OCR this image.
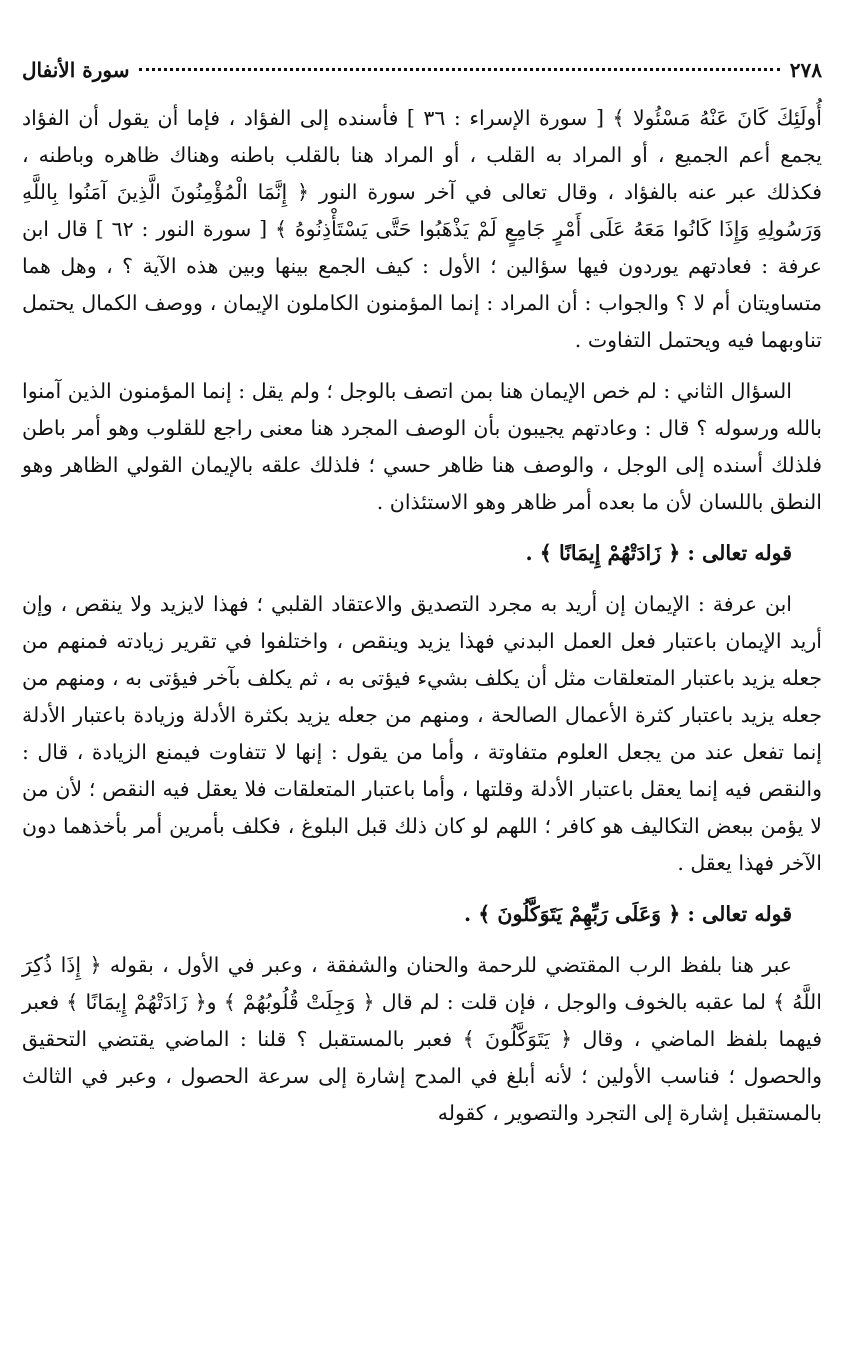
٢٧٨
سورة الأنفال

أُولَئِكَ كَانَ عَنْهُ مَسْئُولا ﴾ [ سورة الإسراء : ٣٦ ] فأسنده إلى الفؤاد ، فإما أن يقول أن الفؤاد يجمع أعم الجميع ، أو المراد به القلب ، أو المراد هنا بالقلب باطنه وهناك ظاهره وباطنه ، فكذلك عبر عنه بالفؤاد ، وقال تعالى في آخر سورة النور ﴿ إِنَّمَا الْمُؤْمِنُونَ الَّذِينَ آمَنُوا بِاللَّهِ وَرَسُولِهِ وَإِذَا كَانُوا مَعَهُ عَلَى أَمْرٍ جَامِعٍ لَمْ يَذْهَبُوا حَتَّى يَسْتَأْذِنُوهُ ﴾ [ سورة النور : ٦٢ ] قال ابن عرفة : فعادتهم يوردون فيها سؤالين ؛ الأول : كيف الجمع بينها وبين هذه الآية ؟ ، وهل هما متساويتان أم لا ؟ والجواب : أن المراد : إنما المؤمنون الكاملون الإيمان ، ووصف الكمال يحتمل تناوبهما فيه ويحتمل التفاوت .

السؤال الثاني : لم خص الإيمان هنا بمن اتصف بالوجل ؛ ولم يقل : إنما المؤمنون الذين آمنوا بالله ورسوله ؟ قال : وعادتهم يجيبون بأن الوصف المجرد هنا معنى راجع للقلوب وهو أمر باطن فلذلك أسنده إلى الوجل ، والوصف هنا ظاهر حسي ؛ فلذلك علقه بالإيمان القولي الظاهر وهو النطق باللسان لأن ما بعده أمر ظاهر وهو الاستئذان .

قوله تعالى : ﴿ زَادَتْهُمْ إِيمَانًا ﴾ .

ابن عرفة : الإيمان إن أريد به مجرد التصديق والاعتقاد القلبي ؛ فهذا لايزيد ولا ينقص ، وإن أريد الإيمان باعتبار فعل العمل البدني فهذا يزيد وينقص ، واختلفوا في تقرير زيادته فمنهم من جعله يزيد باعتبار المتعلقات مثل أن يكلف بشيء فيؤتى به ، ثم يكلف بآخر فيؤتى به ، ومنهم من جعله يزيد باعتبار كثرة الأعمال الصالحة ، ومنهم من جعله يزيد بكثرة الأدلة وزيادة باعتبار الأدلة إنما تفعل عند من يجعل العلوم متفاوتة ، وأما من يقول : إنها لا تتفاوت فيمنع الزيادة ، قال : والنقص فيه إنما يعقل باعتبار الأدلة وقلتها ، وأما باعتبار المتعلقات فلا يعقل فيه النقص ؛ لأن من لا يؤمن ببعض التكاليف هو كافر ؛ اللهم لو كان ذلك قبل البلوغ ، فكلف بأمرين أمر بأخذهما دون الآخر فهذا يعقل .

قوله تعالى : ﴿ وَعَلَى رَبِّهِمْ يَتَوَكَّلُونَ ﴾ .

عبر هنا بلفظ الرب المقتضي للرحمة والحنان والشفقة ، وعبر في الأول ، بقوله ﴿ إِذَا ذُكِرَ اللَّهُ ﴾ لما عقبه بالخوف والوجل ، فإن قلت : لم قال ﴿ وَجِلَتْ قُلُوبُهُمْ ﴾ و﴿ زَادَتْهُمْ إِيمَانًا ﴾ فعبر فيهما بلفظ الماضي ، وقال ﴿ يَتَوَكَّلُونَ ﴾ فعبر بالمستقبل ؟ قلنا : الماضي يقتضي التحقيق والحصول ؛ فناسب الأولين ؛ لأنه أبلغ في المدح إشارة إلى سرعة الحصول ، وعبر في الثالث بالمستقبل إشارة إلى التجرد والتصوير ، كقوله
